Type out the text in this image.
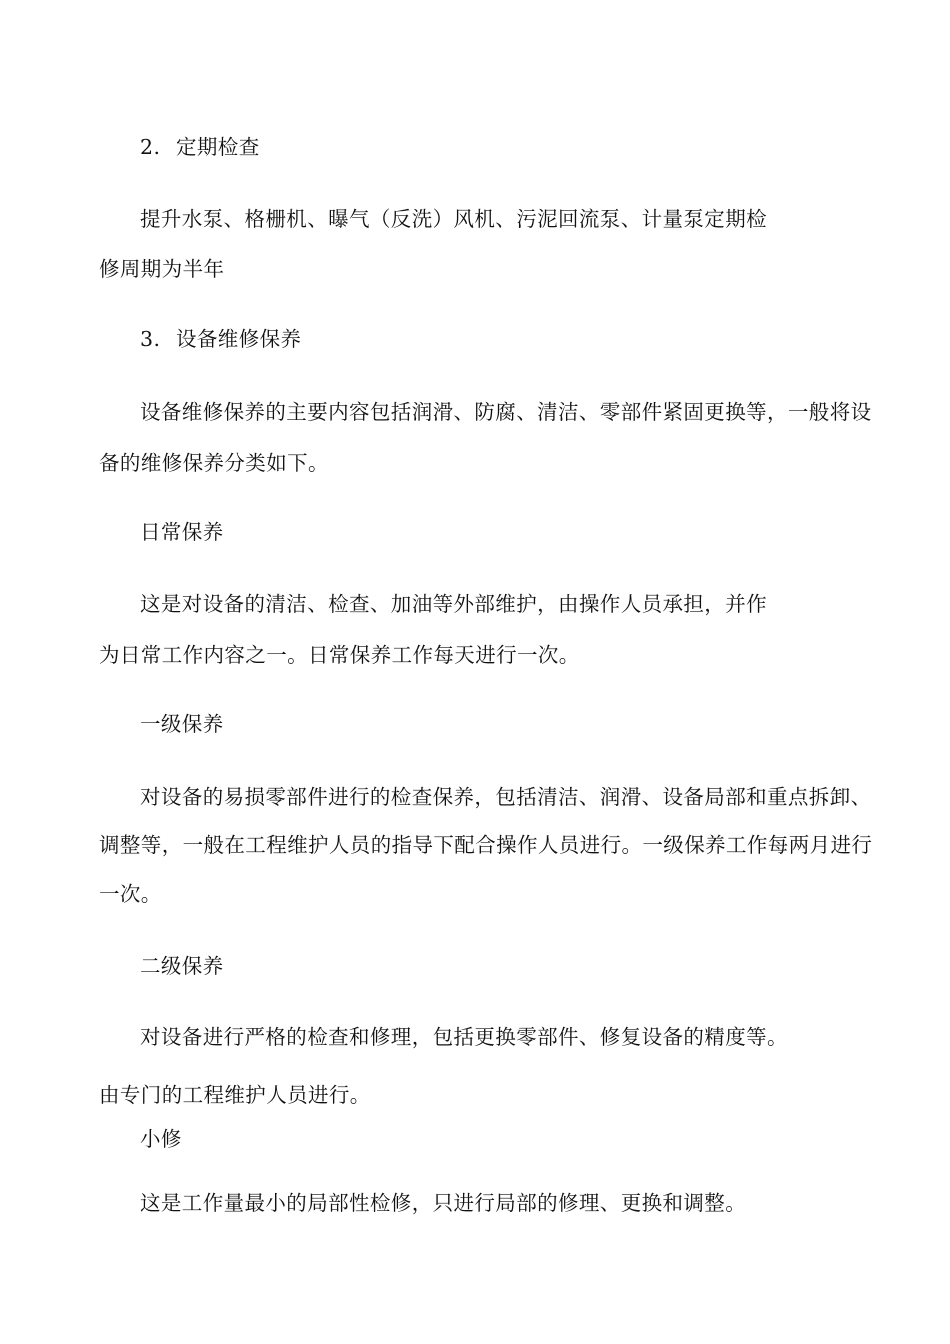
2. 定期检查
提升水泵、格栅机、曝气（反洗）风机、污泥回流泵、计量泵定期检
修周期为半年
3. 设备维修保养
设备维修保养的主要内容包括润滑、防腐、清洁、零部件紧固更换等，一般将设
备的维修保养分类如下。
日常保养
这是对设备的清洁、检查、加油等外部维护，由操作人员承担，并作
为日常工作内容之一。日常保养工作每天进行一次。
一级保养
对设备的易损零部件进行的检查保养，包括清洁、润滑、设备局部和重点拆卸、
调整等，一般在工程维护人员的指导下配合操作人员进行。一级保养工作每两月进行
一次。
二级保养
对设备进行严格的检查和修理，包括更换零部件、修复设备的精度等。
由专门的工程维护人员进行。
小修
这是工作量最小的局部性检修，只进行局部的修理、更换和调整。
